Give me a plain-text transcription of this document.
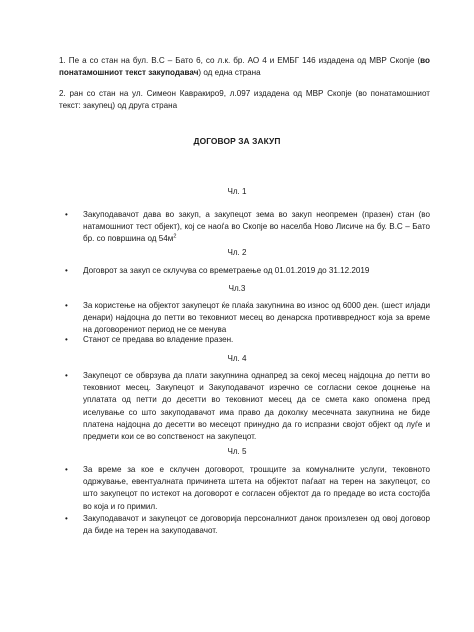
1. Пе а со стан на бул. В.С – Бато 6, со л.к. бр. АО 4 и ЕМБГ 146 издадена од МВР Скопје (во понатамошниот текст закуподавач) од една страна
2. ран со стан на ул. Симеон Кавракиро9, л.097 издадена од МВР Скопје (во понатамошниот текст: закупец) од друга страна
ДОГОВОР ЗА ЗАКУП
Чл. 1
• Закуподавачот дава во закуп, а закупецот зема во закуп неопремен (празен) стан (во натамошниот тест објект), кој се наоѓа во Скопје во населба Ново Лисиче на бу. В.С – Бато бр. со површина од $54м^2$
Чл. 2
• Договрот за закуп се склучува со времетраење од 01.01.2019 до 31.12.2019
Чл.3
• За користење на објектот закупецот ќе плаќа закупнина во износ од 6000 ден. (шест илјади денари) најдоцна до петти во тековниот месец во денарска противвредност која за време на договорениот период не се менува
• Станот се предава во владение празен.
Чл. 4
• Закупецот се обврзува да плати закупнина однапред за секој месец најдоцна до петти во тековниот месец. Закупецот и Закуподавачот изречно се согласни секое доцнење на уплатата од петти до десетти во тековниот месец да се смета како опомена пред иселување со што закуподавачот има право да доколку месечната закупнина не биде платена најдоцна до десетти во месецот принудно да го испразни својот објект од луѓе и предмети кои се во сопственост на закупецот.
Чл. 5
• За време за кое е склучен договорот, трошците за комуналните услуги, тековното одржување, евентуалната причинета штета на објектот паѓаат на терен на закупецот, со што закупецот по истекот на договорот е согласен објектот да го предаде во иста состојба во која и го примил.
• Закуподавачот и закупецот се договорија персоналниот данок произлезен од овој договор да биде на терен на закуподавачот.
